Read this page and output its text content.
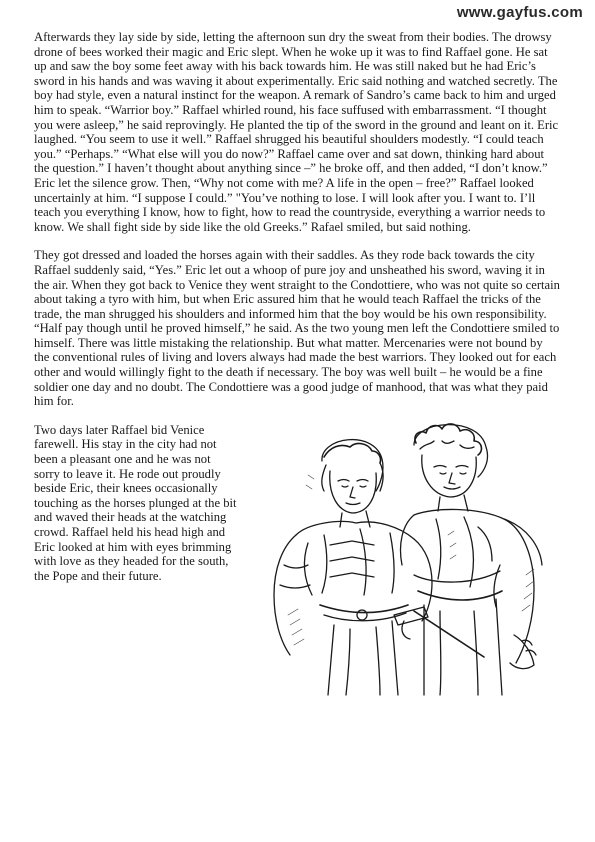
www.gayfus.com

Afterwards they lay side by side, letting the afternoon sun dry the sweat from their bodies. The drowsy drone of bees worked their magic and Eric slept. When he woke up it was to find Raffael gone. He sat up and saw the boy some feet away with his back towards him. He was still naked but he had Eric’s sword in his hands and was waving it about experimentally. Eric said nothing and watched secretly. The boy had style, even a natural instinct for the weapon. A remark of Sandro’s came back to him and urged him to speak. “Warrior boy.” Raffael whirled round, his face suffused with embarrassment. “I thought you were asleep,” he said reprovingly. He planted the tip of the sword in the ground and leant on it. Eric laughed. “You seem to use it well.” Raffael shrugged his beautiful shoulders modestly. “I could teach you.” “Perhaps.” “What else will you do now?” Raffael came over and sat down, thinking hard about the question.” I haven’t thought about anything since –” he broke off, and then added, “I don’t know.” Eric let the silence grow. Then, “Why not come with me? A life in the open – free?” Raffael looked uncertainly at him. “I suppose I could.” "You’ve nothing to lose. I will look after you. I want to. I’ll teach you everything I know, how to fight, how to read the countryside, everything a warrior needs to know. We shall fight side by side like the old Greeks.” Rafael smiled, but said nothing.

They got dressed and loaded the horses again with their saddles. As they rode back towards the city Raffael suddenly said, “Yes.” Eric let out a whoop of pure joy and unsheathed his sword, waving it in the air. When they got back to Venice they went straight to the Condottiere, who was not quite so certain about taking a tyro with him, but when Eric assured him that he would teach Raffael the tricks of the trade, the man shrugged his shoulders and informed him that the boy would be his own responsibility. “Half pay though until he proved himself,” he said. As the two young men left the Condottiere smiled to himself. There was little mistaking the relationship. But what matter. Mercenaries were not bound by the conventional rules of living and lovers always had made the best warriors. They looked out for each other and would willingly fight to the death if necessary. The boy was well built – he would be a fine soldier one day and no doubt. The Condottiere was a good judge of manhood, that was what they paid him for.

Two days later Raffael bid Venice farewell. His stay in the city had not been a pleasant one and he was not sorry to leave it. He rode out proudly beside Eric, their knees occasionally touching as the horses plunged at the bit and waved their heads at the watching crowd. Raffael held his head high and Eric looked at him with eyes brimming with love as they headed for the south, the Pope and their future.
